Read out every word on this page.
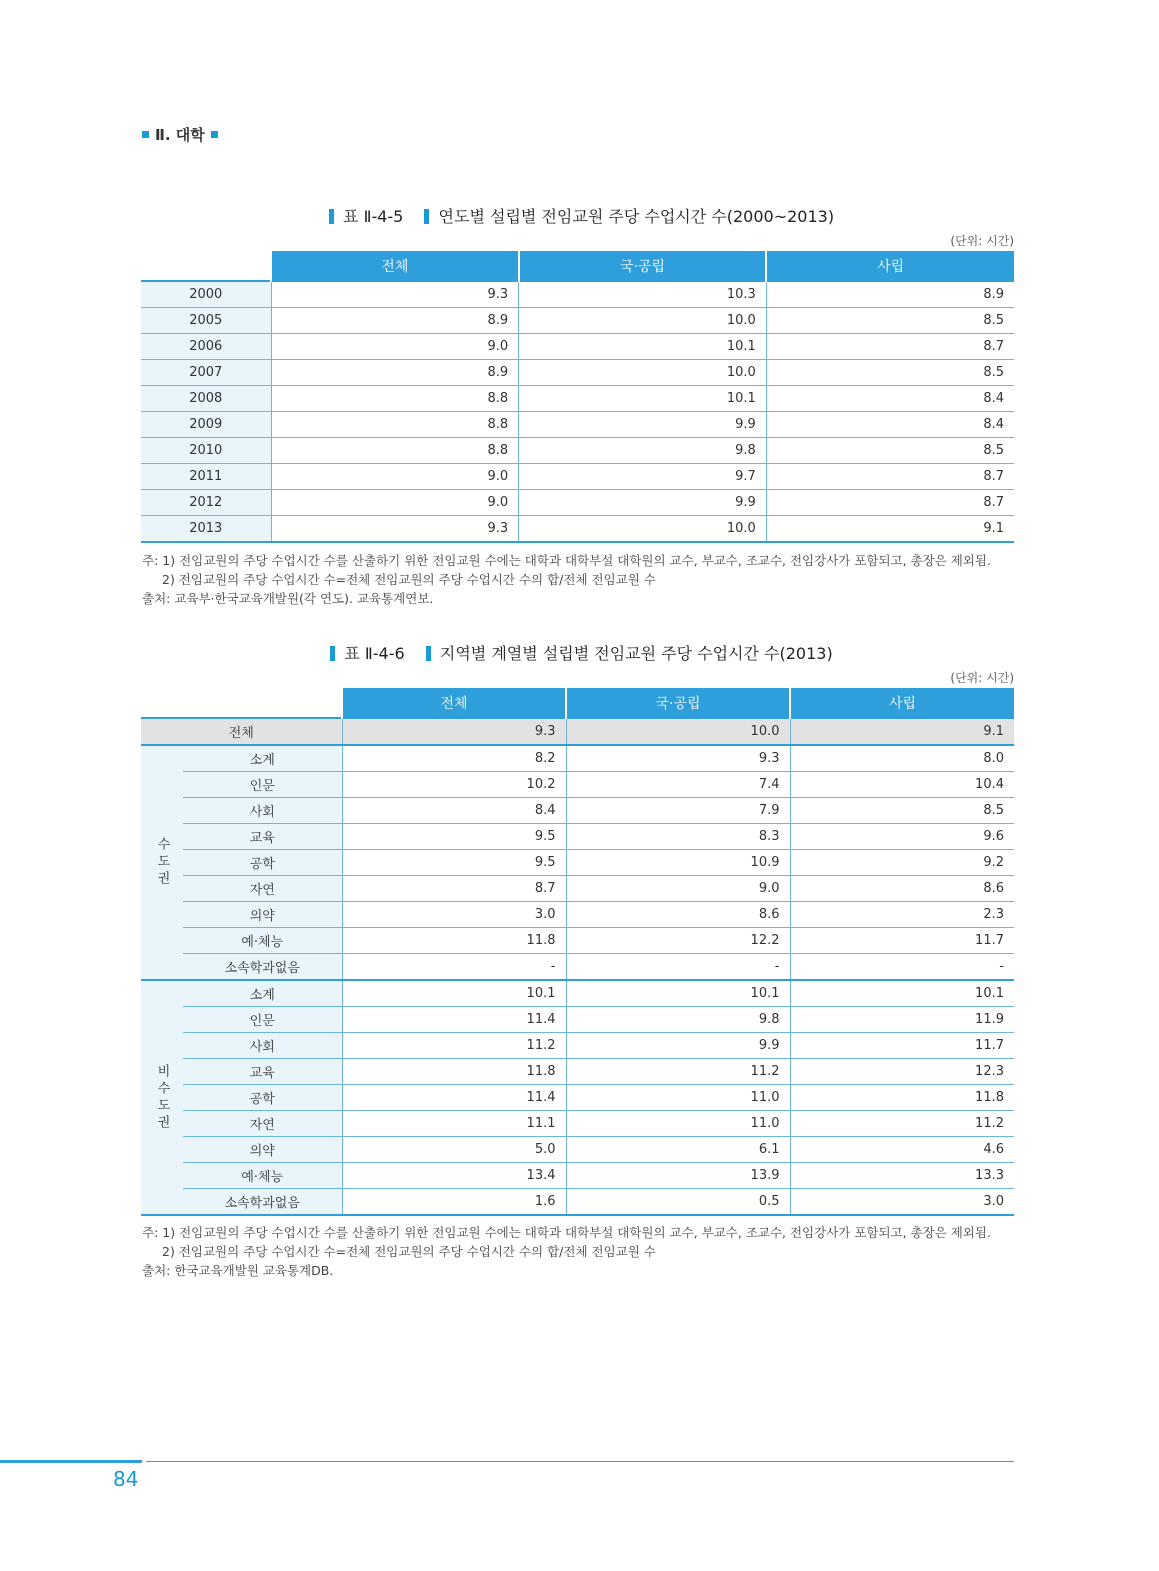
Ⅱ. 대학
표 Ⅱ-4-5 연도별 설립별 전임교원 주당 수업시간 수(2000~2013)
(단위: 시간)
	전체	국·공립	사립
2000	9.3	10.3	8.9
2005	8.9	10.0	8.5
2006	9.0	10.1	8.7
2007	8.9	10.0	8.5
2008	8.8	10.1	8.4
2009	8.8	9.9	8.4
2010	8.8	9.8	8.5
2011	9.0	9.7	8.7
2012	9.0	9.9	8.7
2013	9.3	10.0	9.1
주: 1) 전임교원의 주당 수업시간 수를 산출하기 위한 전임교원 수에는 대학과 대학부설 대학원의 교수, 부교수, 조교수, 전임강사가 포함되고, 총장은 제외됨.
2) 전임교원의 주당 수업시간 수=전체 전임교원의 주당 수업시간 수의 합/전체 전임교원 수
출처: 교육부·한국교육개발원(각 연도). 교육통계연보.
표 Ⅱ-4-6 지역별 계열별 설립별 전임교원 주당 수업시간 수(2013)
(단위: 시간)
		전체	국·공립	사립
전체		9.3	10.0	9.1
수도권	소계	8.2	9.3	8.0
	인문	10.2	7.4	10.4
	사회	8.4	7.9	8.5
	교육	9.5	8.3	9.6
	공학	9.5	10.9	9.2
	자연	8.7	9.0	8.6
	의약	3.0	8.6	2.3
	예·체능	11.8	12.2	11.7
	소속학과없음	-	-	-
비수도권	소계	10.1	10.1	10.1
	인문	11.4	9.8	11.9
	사회	11.2	9.9	11.7
	교육	11.8	11.2	12.3
	공학	11.4	11.0	11.8
	자연	11.1	11.0	11.2
	의약	5.0	6.1	4.6
	예·체능	13.4	13.9	13.3
	소속학과없음	1.6	0.5	3.0
주: 1) 전임교원의 주당 수업시간 수를 산출하기 위한 전임교원 수에는 대학과 대학부설 대학원의 교수, 부교수, 조교수, 전임강사가 포함되고, 총장은 제외됨.
2) 전임교원의 주당 수업시간 수=전체 전임교원의 주당 수업시간 수의 합/전체 전임교원 수
출처: 한국교육개발원 교육통계DB.
84
